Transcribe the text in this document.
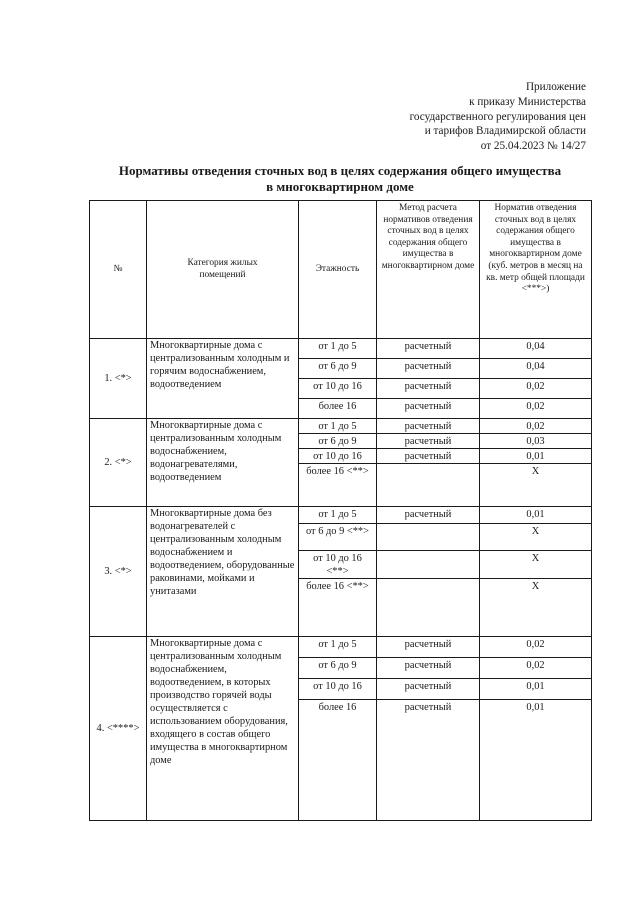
Приложение
к приказу Министерства
государственного регулирования цен
и тарифов Владимирской области
от 25.04.2023 № 14/27
Нормативы отведения сточных вод в целях содержания общего имущества
в многоквартирном доме
№	Категория жилых помещений	Этажность	Метод расчета нормативов отведения сточных вод в целях содержания общего имущества в многоквартирном доме	Норматив отведения сточных вод в целях содержания общего имущества в многоквартирном доме (куб. метров в месяц на кв. метр общей площади <***>)
1. <*>	Многоквартирные дома с централизованным холодным и горячим водоснабжением, водоотведением	от 1 до 5	расчетный	0,04
		от 6 до 9	расчетный	0,04
		от 10 до 16	расчетный	0,02
		более 16	расчетный	0,02
2. <*>	Многоквартирные дома с централизованным холодным водоснабжением, водонагревателями, водоотведением	от 1 до 5	расчетный	0,02
		от 6 до 9	расчетный	0,03
		от 10 до 16	расчетный	0,01
		более 16 <**>		X
3. <*>	Многоквартирные дома без водонагревателей с централизованным холодным водоснабжением и водоотведением, оборудованные раковинами, мойками и унитазами	от 1 до 5	расчетный	0,01
		от 6 до 9 <**>		X
		от 10 до 16 <**>		X
		более 16 <**>		X
4. <****>	Многоквартирные дома с централизованным холодным водоснабжением, водоотведением, в которых производство горячей воды осуществляется с использованием оборудования, входящего в состав общего имущества в многоквартирном доме	от 1 до 5	расчетный	0,02
		от 6 до 9	расчетный	0,02
		от 10 до 16	расчетный	0,01
		более 16	расчетный	0,01
